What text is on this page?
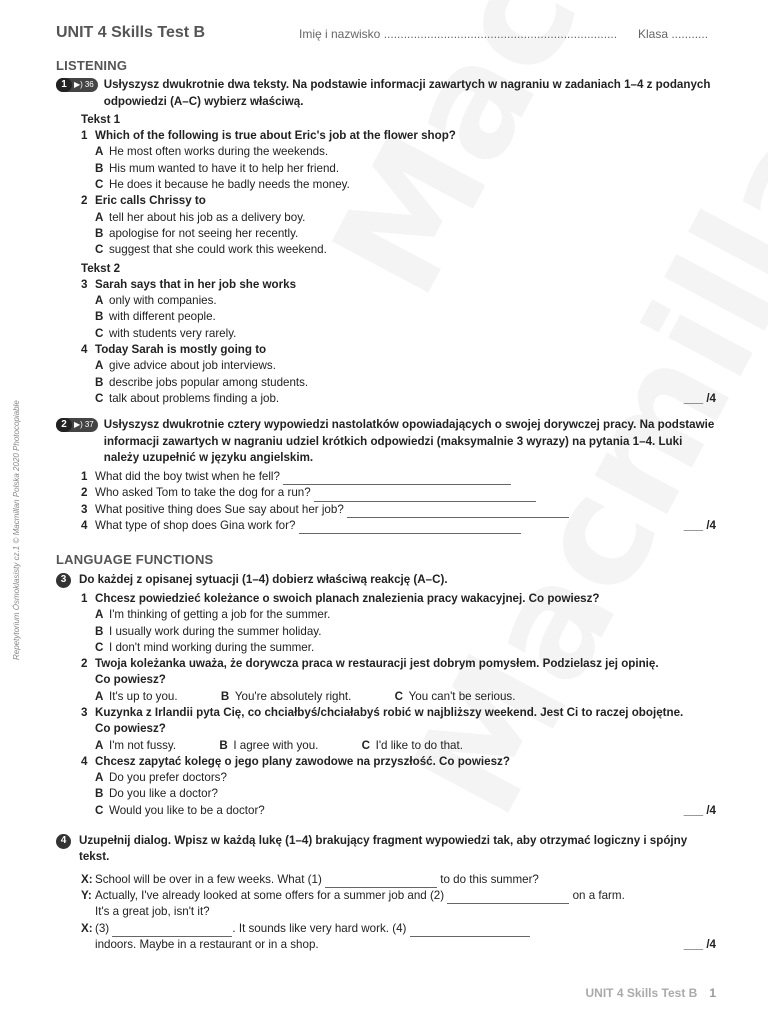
Repetytorium Ósmoklasisty cz.1 © Macmillan Polska 2020 Photocopiable
UNIT 4 Skills Test B	Imię i nazwisko ...................................................................... Klasa ...........
LISTENING
1 ▶) 36 Usłyszysz dwukrotnie dwa teksty. Na podstawie informacji zawartych w nagraniu w zadaniach 1–4 z podanych odpowiedzi (A–C) wybierz właściwą.
Tekst 1
1 Which of the following is true about Eric's job at the flower shop?
A He most often works during the weekends.
B His mum wanted to have it to help her friend.
C He does it because he badly needs the money.
2 Eric calls Chrissy to
A tell her about his job as a delivery boy.
B apologise for not seeing her recently.
C suggest that she could work this weekend.
Tekst 2
3 Sarah says that in her job she works
A only with companies.
B with different people.
C with students very rarely.
4 Today Sarah is mostly going to
A give advice about job interviews.
B describe jobs popular among students.
C talk about problems finding a job.	___ /4
2 ▶) 37 Usłyszysz dwukrotnie cztery wypowiedzi nastolatków opowiadających o swojej dorywczej pracy. Na podstawie informacji zawartych w nagraniu udziel krótkich odpowiedzi (maksymalnie 3 wyrazy) na pytania 1–4. Luki należy uzupełnić w języku angielskim.
1 What did the boy twist when he fell?
2 Who asked Tom to take the dog for a run?
3 What positive thing does Sue say about her job?
4 What type of shop does Gina work for?	___ /4
LANGUAGE FUNCTIONS
3	Do każdej z opisanej sytuacji (1–4) dobierz właściwą reakcję (A–C).
1 Chcesz powiedzieć koleżance o swoich planach znalezienia pracy wakacyjnej. Co powiesz?
A I'm thinking of getting a job for the summer.
B I usually work during the summer holiday.
C I don't mind working during the summer.
2 Twoja koleżanka uważa, że dorywcza praca w restauracji jest dobrym pomysłem. Podzielasz jej opinię.
Co powiesz?
A It's up to you.	B You're absolutely right.	C You can't be serious.
3 Kuzynka z Irlandii pyta Cię, co chciałbyś/chciałabyś robić w najbliższy weekend. Jest Ci to raczej obojętne.
Co powiesz?
A I'm not fussy.	B I agree with you.	C I'd like to do that.
4 Chcesz zapytać kolegę o jego plany zawodowe na przyszłość. Co powiesz?
A Do you prefer doctors?
B Do you like a doctor?
C Would you like to be a doctor?	___ /4
4	Uzupełnij dialog. Wpisz w każdą lukę (1–4) brakujący fragment wypowiedzi tak, aby otrzymać logiczny i spójny tekst.
X: School will be over in a few weeks. What (1)	to do this summer?
Y: Actually, I've already looked at some offers for a summer job and (2)	on a farm.
It's a great job, isn't it?
X: (3)	. It sounds like very hard work. (4)
indoors. Maybe in a restaurant or in a shop.	___ /4
UNIT 4 Skills Test B 1
